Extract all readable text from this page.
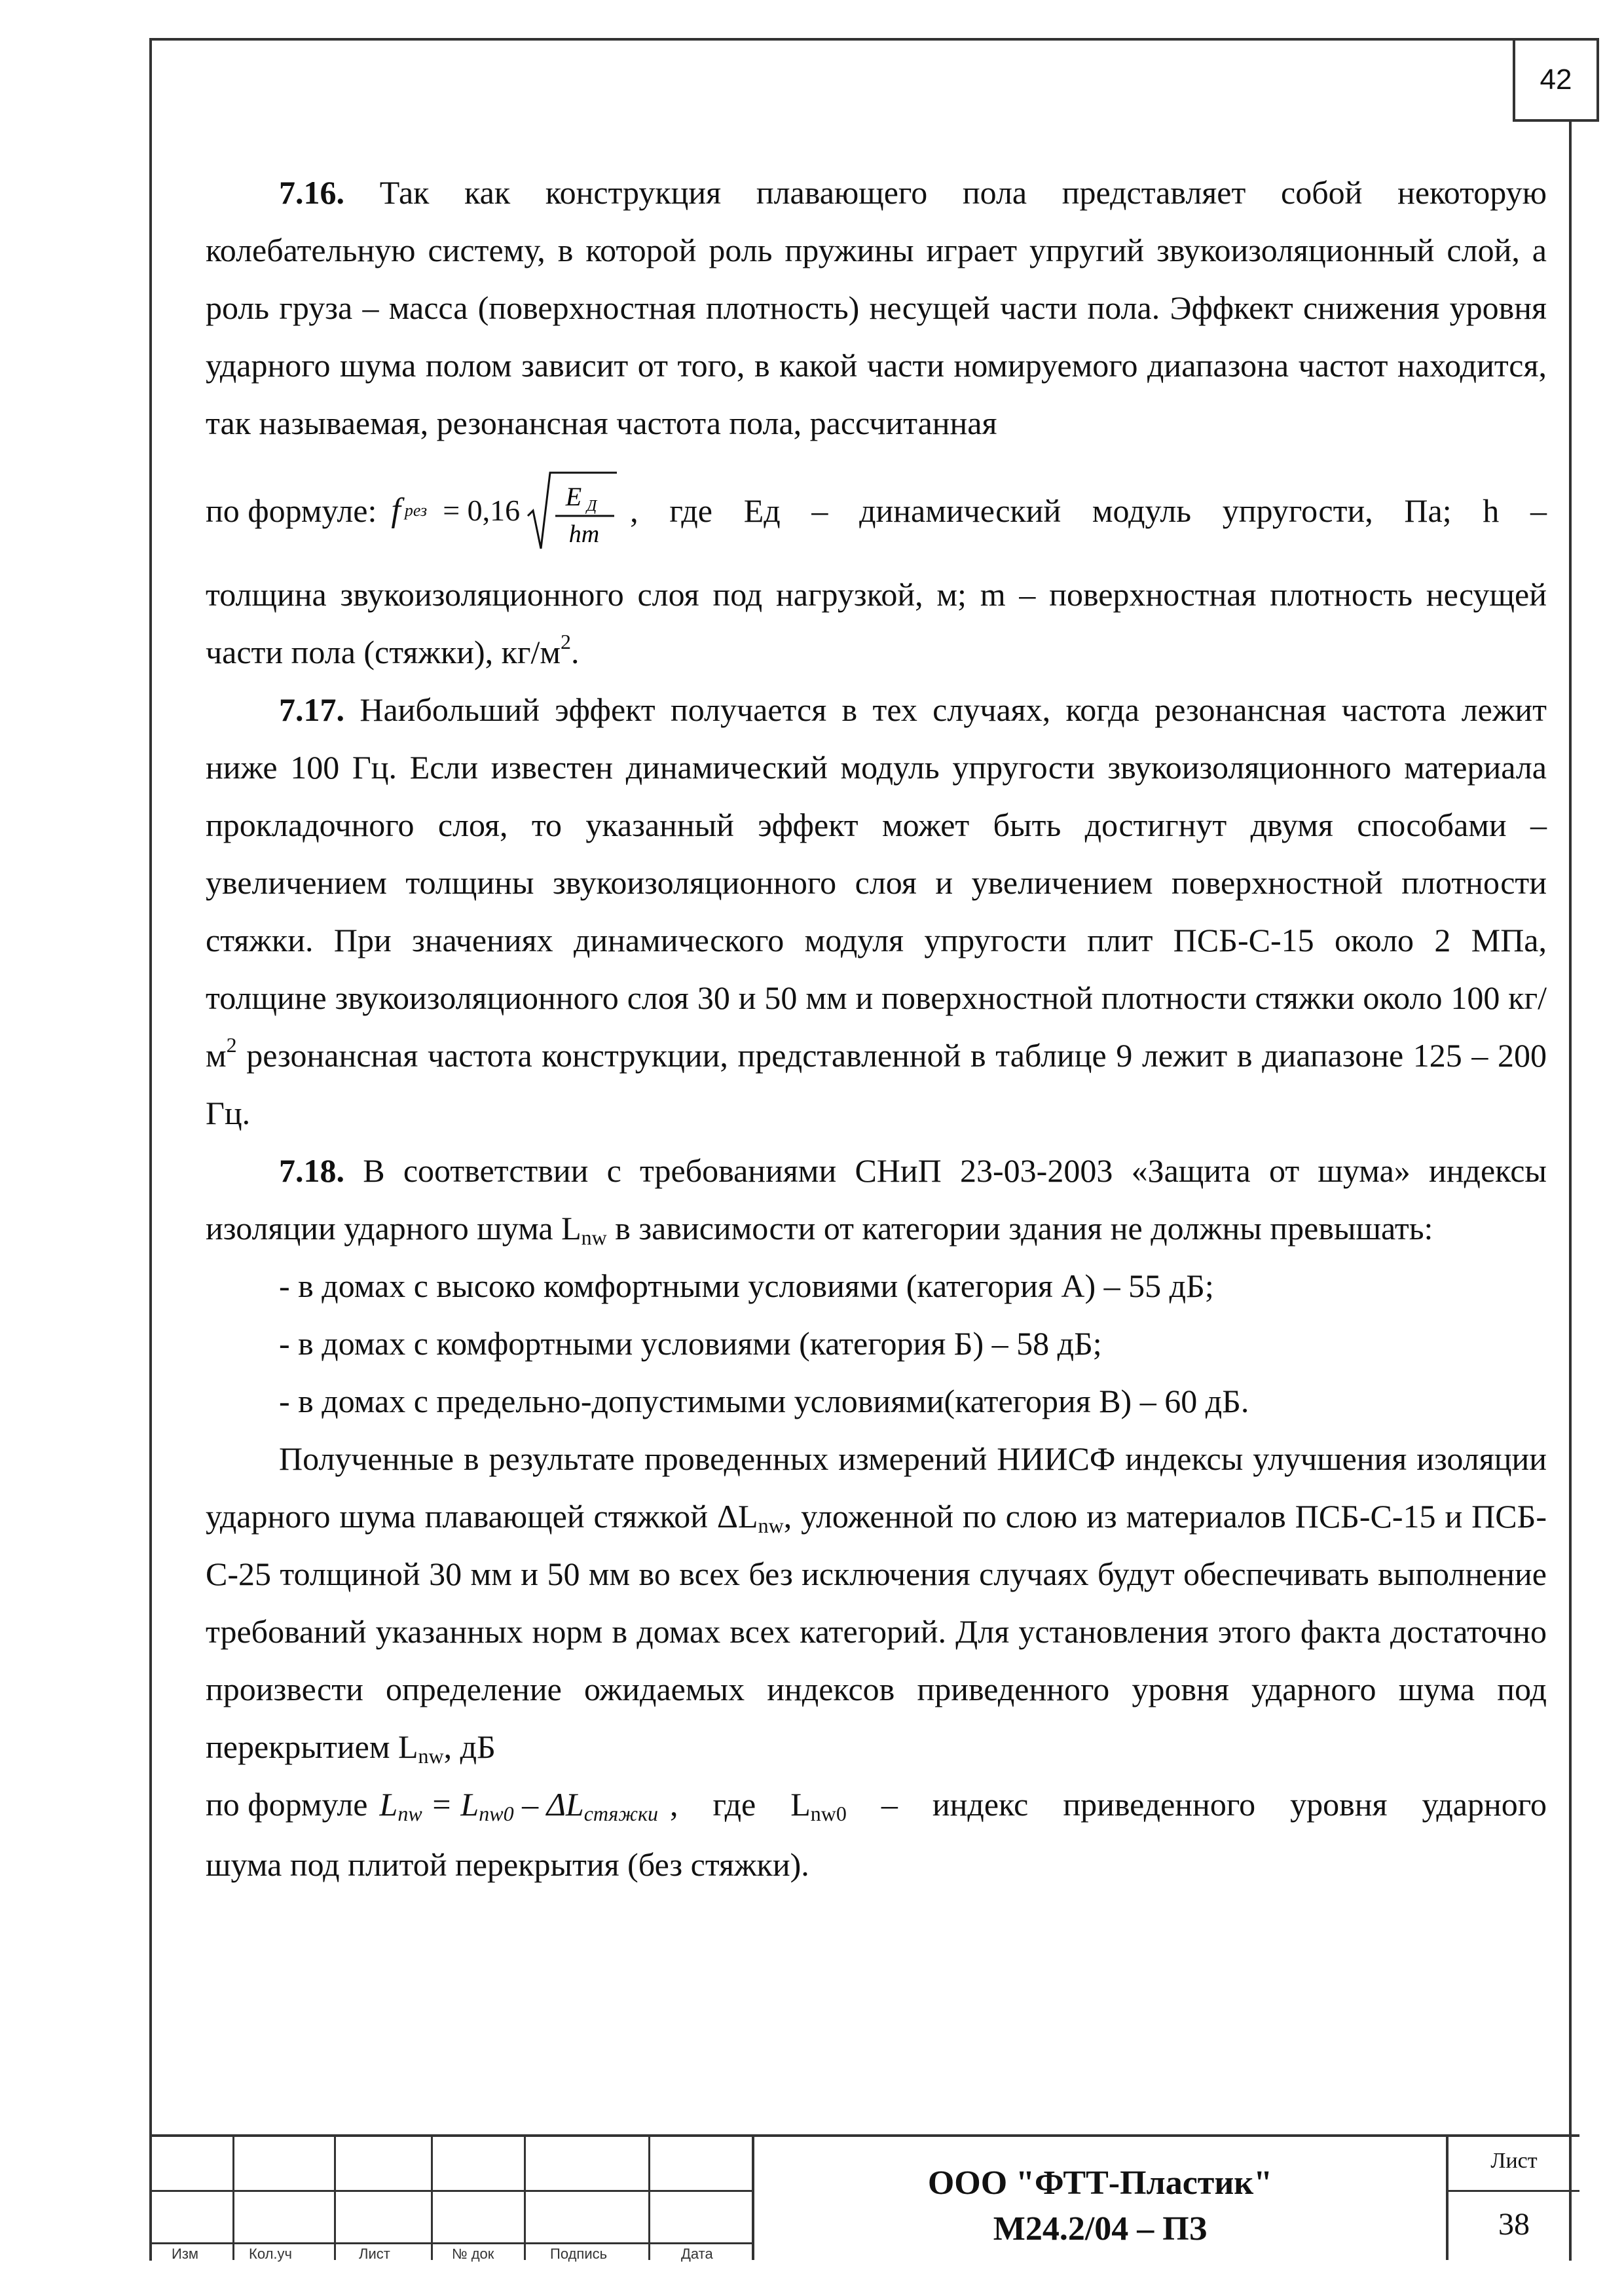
42

7.16. Так как конструкция плавающего пола представляет собой некоторую колебательную систему, в которой роль пружины играет упругий звукоизоляционный слой, а роль груза – масса (поверхностная плотность) несущей части пола. Эффкект снижения уровня ударного шума полом зависит от того, в какой части номируемого диапазона частот находится, так называемая, резонансная частота пола, рассчитанная

по формуле: f рез = 0,16 E Д
hm
, где Ед – динамический модуль упругости, Па; h –

толщина звукоизоляционного слоя под нагрузкой, м; m – поверхностная плотность несущей части пола (стяжки), $кг/м^2$.

7.17. Наибольший эффект получается в тех случаях, когда резонансная частота лежит ниже 100 Гц. Если известен динамический модуль упругости звукоизоляционного материала прокладочного слоя, то указанный эффект может быть достигнут двумя способами – увеличением толщины звукоизоляционного слоя и увеличением поверхностной плотности стяжки. При значениях динамического модуля упругости плит ПСБ-С-15 около 2 МПа, толщине звукоизоляционного слоя 30 и 50 мм и поверхностной плотности стяжки около 100 $кг/м^2$ резонансная частота конструкции, представленной в таблице 9 лежит в диапазоне 125 – 200 Гц.

7.18. В соответствии с требованиями СНиП 23-03-2003 «Защита от шума» индексы изоляции ударного шума $L_{nw}$ в зависимости от категории здания не должны превышать:

- в домах с высоко комфортными условиями (категория А) – 55 дБ;

- в домах с комфортными условиями (категория Б) – 58 дБ;

- в домах с предельно-допустимыми условиями(категория В) – 60 дБ.

Полученные в результате проведенных измерений НИИСФ индексы улучшения изоляции ударного шума плавающей стяжкой $\Delta L_{nw}$, уложенной по слою из материалов ПСБ-С-15 и ПСБ-С-25 толщиной 30 мм и 50 мм во всех без исключения случаях будут обеспечивать выполнение требований указанных норм в домах всех категорий. Для установления этого факта достаточно произвести определение ожидаемых индексов приведенного уровня ударного шума под перекрытием $L_{nw}$, дБ

по формуле $L_{nw} = L_{nw0} - \Delta L_{стяжки}$ , где $L_{nw0}$ – индекс приведенного уровня ударного

шума под плитой перекрытия (без стяжки).

Изм	Кол.уч	Лист	№ док	Подпись	Дата
ООО "ФТТ-Пластик"
М24.2/04 – ПЗ
Лист
38
